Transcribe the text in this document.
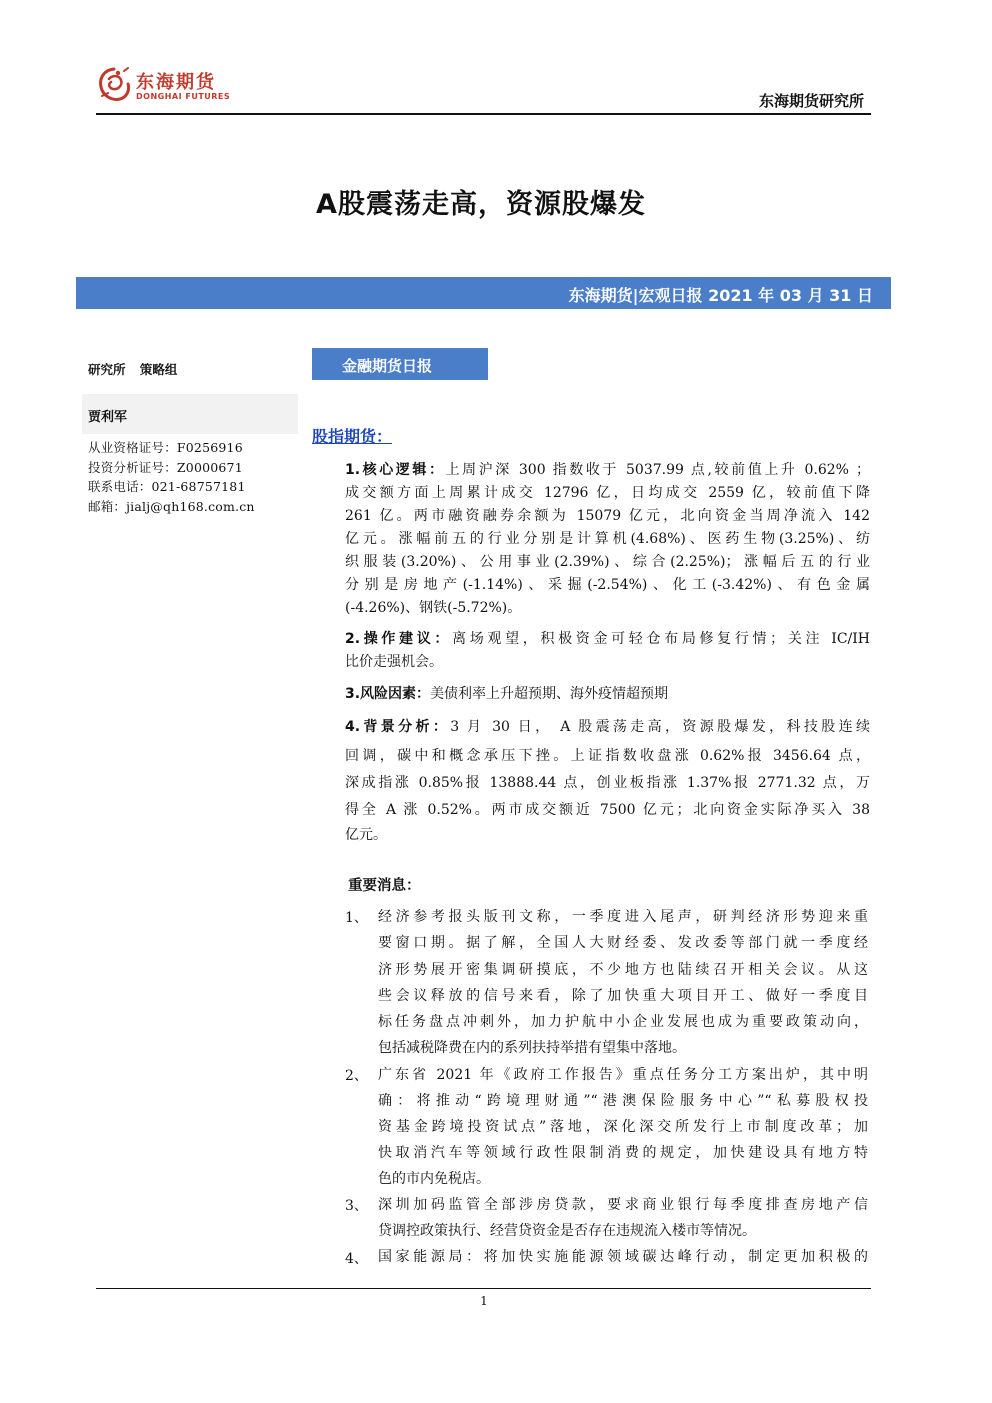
东海期货
DONGHAI FUTURES	东海期货研究所
A股震荡走高，资源股爆发
东海期货|宏观日报 2021 年 03 月 31 日
研究所 策略组
贾利军
从业资格证号：F0256916
投资分析证号：Z0000671
联系电话：021-68757181
邮箱：jialj@qh168.com.cn
金融期货日报
股指期货：
1.核心逻辑：上周沪深 300 指数收于 5037.99 点,较前值上升 0.62% ；
成交额方面上周累计成交 12796 亿，日均成交 2559 亿，较前值下降
261 亿。两市融资融券余额为 15079 亿元，北向资金当周净流入 142
亿元。涨幅前五的行业分别是计算机(4.68%)、医药生物(3.25%)、纺
织服装(3.20%)、公用事业(2.39%)、综合(2.25%)；涨幅后五的行业
分别是房地产(-1.14%)、采掘(-2.54%)、化工(-3.42%)、有色金属
(-4.26%)、钢铁(-5.72%)。
2.操作建议：离场观望，积极资金可轻仓布局修复行情；关注 IC/IH
比价走强机会。
3.风险因素：美债利率上升超预期、海外疫情超预期
4.背景分析：3 月 30 日， A 股震荡走高，资源股爆发，科技股连续
回调，碳中和概念承压下挫。上证指数收盘涨 0.62%报 3456.64 点，
深成指涨 0.85%报 13888.44 点，创业板指涨 1.37%报 2771.32 点，万
得全 A 涨 0.52%。两市成交额近 7500 亿元；北向资金实际净买入 38
亿元。
重要消息：
1、 经济参考报头版刊文称，一季度进入尾声，研判经济形势迎来重
要窗口期。据了解，全国人大财经委、发改委等部门就一季度经
济形势展开密集调研摸底，不少地方也陆续召开相关会议。从这
些会议释放的信号来看，除了加快重大项目开工、做好一季度目
标任务盘点冲刺外，加力护航中小企业发展也成为重要政策动向，
包括减税降费在内的系列扶持举措有望集中落地。
2、 广东省 2021 年《政府工作报告》重点任务分工方案出炉，其中明
确：将推动“跨境理财通”“港澳保险服务中心”“私募股权投
资基金跨境投资试点”落地，深化深交所发行上市制度改革；加
快取消汽车等领域行政性限制消费的规定，加快建设具有地方特
色的市内免税店。
3、 深圳加码监管全部涉房贷款，要求商业银行每季度排查房地产信
贷调控政策执行、经营贷资金是否存在违规流入楼市等情况。
4、 国家能源局：将加快实施能源领域碳达峰行动，制定更加积极的
1
